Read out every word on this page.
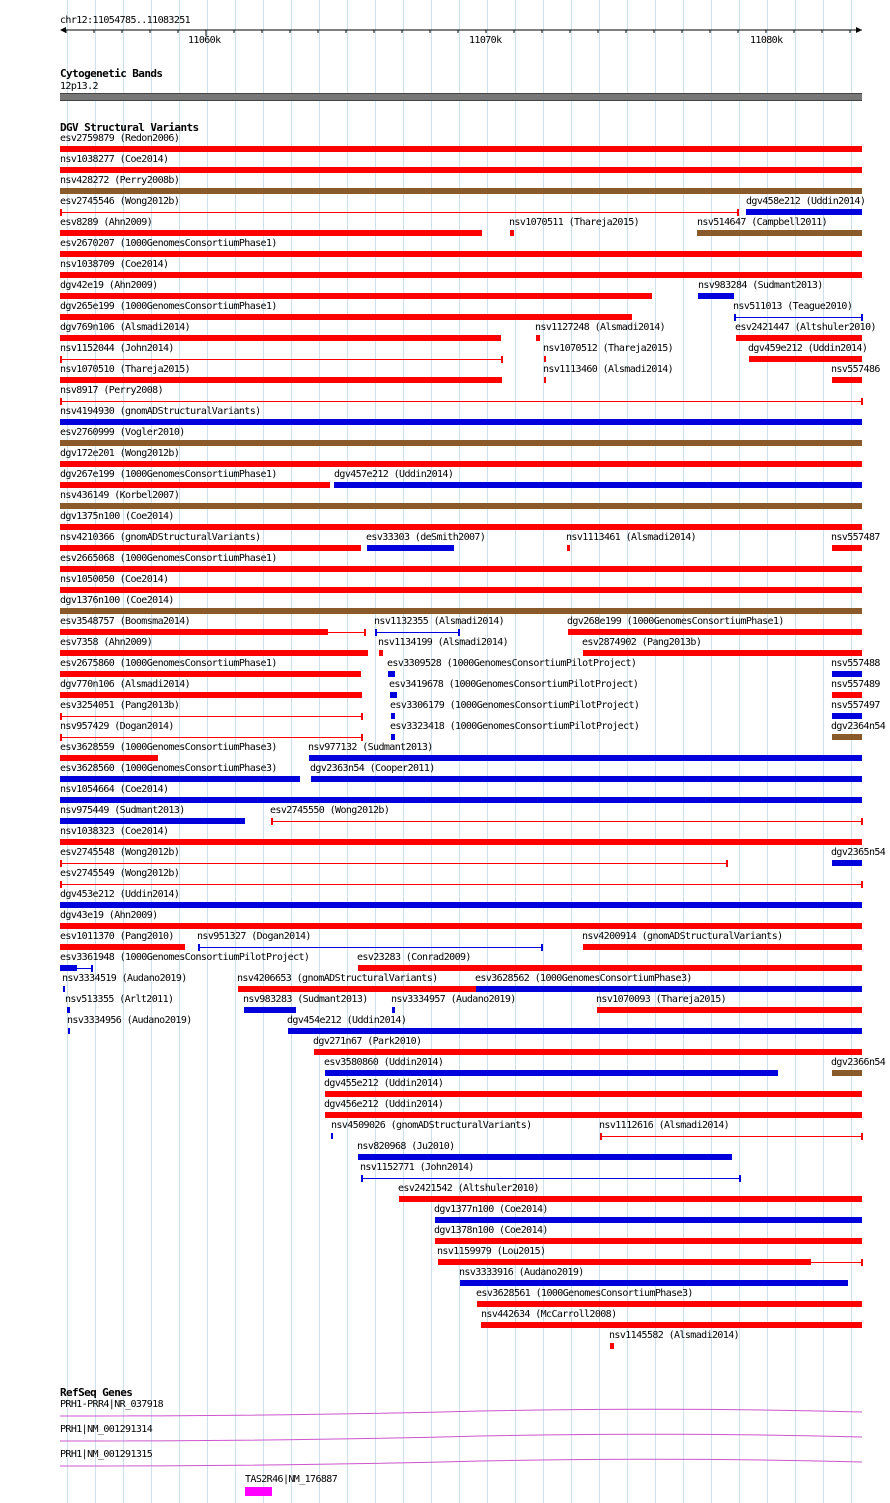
chr12:11054785..11083251
11060k	11070k	11080k
Cytogenetic Bands
12p13.2
DGV Structural Variants
esv2759879 (Redon2006)
nsv1038277 (Coe2014)
nsv428272 (Perry2008b)
esv2745546 (Wong2012b)	dgv458e212 (Uddin2014)
esv8289 (Ahn2009)	nsv1070511 (Thareja2015)	nsv514647 (Campbell2011)
esv2670207 (1000GenomesConsortiumPhase1)
nsv1038709 (Coe2014)
dgv42e19 (Ahn2009)	nsv983284 (Sudmant2013)
dgv265e199 (1000GenomesConsortiumPhase1)	nsv511013 (Teague2010)
dgv769n106 (Alsmadi2014)	nsv1127248 (Alsmadi2014)	esv2421447 (Altshuler2010)
nsv1152044 (John2014)	nsv1070512 (Thareja2015)	dgv459e212 (Uddin2014)
nsv1070510 (Thareja2015)	nsv1113460 (Alsmadi2014)	nsv557486
nsv8917 (Perry2008)
nsv4194930 (gnomADStructuralVariants)
esv2760999 (Vogler2010)
dgv172e201 (Wong2012b)
dgv267e199 (1000GenomesConsortiumPhase1)	dgv457e212 (Uddin2014)
nsv436149 (Korbel2007)
dgv1375n100 (Coe2014)
nsv4210366 (gnomADStructuralVariants)	esv33303 (deSmith2007)	nsv1113461 (Alsmadi2014)	nsv557487
esv2665068 (1000GenomesConsortiumPhase1)
nsv1050050 (Coe2014)
dgv1376n100 (Coe2014)
esv3548757 (Boomsma2014)	nsv1132355 (Alsmadi2014)	dgv268e199 (1000GenomesConsortiumPhase1)
esv7358 (Ahn2009)	nsv1134199 (Alsmadi2014)	esv2874902 (Pang2013b)
esv2675860 (1000GenomesConsortiumPhase1)	esv3309528 (1000GenomesConsortiumPilotProject)	nsv557488
dgv770n106 (Alsmadi2014)	esv3419678 (1000GenomesConsortiumPilotProject)	nsv557489
esv3254051 (Pang2013b)	esv3306179 (1000GenomesConsortiumPilotProject)	nsv557497
nsv957429 (Dogan2014)	esv3323418 (1000GenomesConsortiumPilotProject)	dgv2364n54
esv3628559 (1000GenomesConsortiumPhase3)	nsv977132 (Sudmant2013)
esv3628560 (1000GenomesConsortiumPhase3)	dgv2363n54 (Cooper2011)
nsv1054664 (Coe2014)
nsv975449 (Sudmant2013)	esv2745550 (Wong2012b)
nsv1038323 (Coe2014)
esv2745548 (Wong2012b)	dgv2365n54
esv2745549 (Wong2012b)
dgv453e212 (Uddin2014)
dgv43e19 (Ahn2009)
esv1011370 (Pang2010) nsv951327 (Dogan2014)	nsv4200914 (gnomADStructuralVariants)
esv3361948 (1000GenomesConsortiumPilotProject)	esv23283 (Conrad2009)
nsv3334519 (Audano2019)	nsv4206653 (gnomADStructuralVariants)	esv3628562 (1000GenomesConsortiumPhase3)
nsv513355 (Arlt2011)	nsv983283 (Sudmant2013) nsv3334957 (Audano2019)	nsv1070093 (Thareja2015)
nsv3334956 (Audano2019)	dgv454e212 (Uddin2014)
dgv271n67 (Park2010)
esv3580860 (Uddin2014)	dgv2366n54
dgv455e212 (Uddin2014)
dgv456e212 (Uddin2014)
nsv4509026 (gnomADStructuralVariants)	nsv1112616 (Alsmadi2014)
nsv820968 (Ju2010)
nsv1152771 (John2014)
esv2421542 (Altshuler2010)
dgv1377n100 (Coe2014)
dgv1378n100 (Coe2014)
nsv1159979 (Lou2015)
nsv3333916 (Audano2019)
esv3628561 (1000GenomesConsortiumPhase3)
nsv442634 (McCarroll2008)
nsv1145582 (Alsmadi2014)
RefSeq Genes
PRH1-PRR4|NR_037918
PRH1|NM_001291314
PRH1|NM_001291315
TAS2R46|NM_176887
